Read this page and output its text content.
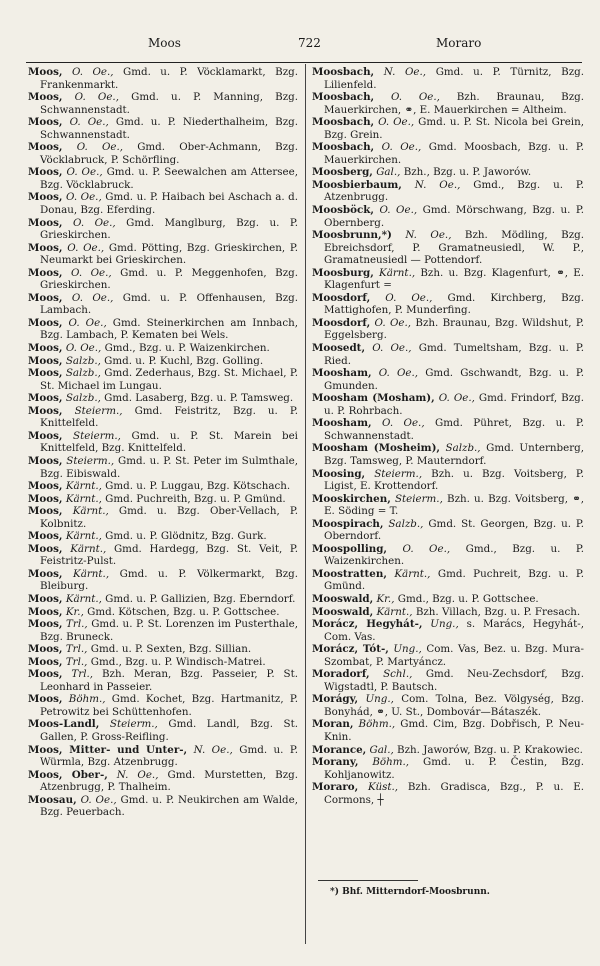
Moos	722	Moraro

Moos, O. Oe., Gmd. u. P. Vöcklamarkt, Bzg. Frankenmarkt.

Moos, O. Oe., Gmd. u. P. Manning, Bzg. Schwannenstadt.

Moos, O. Oe., Gmd. u. P. Niederthalheim, Bzg. Schwannenstadt.

Moos, O. Oe., Gmd. Ober-Achmann, Bzg. Vöcklabruck, P. Schörfling.

Moos, O. Oe., Gmd. u. P. Seewalchen am Attersee, Bzg. Vöcklabruck.

Moos, O. Oe., Gmd. u. P. Haibach bei Aschach a. d. Donau, Bzg. Eferding.

Moos, O. Oe., Gmd. Manglburg, Bzg. u. P. Grieskirchen.

Moos, O. Oe., Gmd. Pötting, Bzg. Grieskirchen, P. Neumarkt bei Grieskirchen.

Moos, O. Oe., Gmd. u. P. Meggenhofen, Bzg. Grieskirchen.

Moos, O. Oe., Gmd. u. P. Offenhausen, Bzg. Lambach.

Moos, O. Oe., Gmd. Steinerkirchen am Innbach, Bzg. Lambach, P. Kematen bei Wels.

Moos, O. Oe., Gmd., Bzg. u. P. Waizenkirchen.

Moos, Salzb., Gmd. u. P. Kuchl, Bzg. Golling.

Moos, Salzb., Gmd. Zederhaus, Bzg. St. Michael, P. St. Michael im Lungau.

Moos, Salzb., Gmd. Lasaberg, Bzg. u. P. Tamsweg.

Moos, Steierm., Gmd. Feistritz, Bzg. u. P. Knittelfeld.

Moos, Steierm., Gmd. u. P. St. Marein bei Knittelfeld, Bzg. Knittelfeld.

Moos, Steierm., Gmd. u. P. St. Peter im Sulmthale, Bzg. Eibiswald.

Moos, Kärnt., Gmd. u. P. Luggau, Bzg. Kötschach.

Moos, Kärnt., Gmd. Puchreith, Bzg. u. P. Gmünd.

Moos, Kärnt., Gmd. u. Bzg. Ober-Vellach, P. Kolbnitz.

Moos, Kärnt., Gmd. u. P. Glödnitz, Bzg. Gurk.

Moos, Kärnt., Gmd. Hardegg, Bzg. St. Veit, P. Feistritz-Pulst.

Moos, Kärnt., Gmd. u. P. Völkermarkt, Bzg. Bleiburg.

Moos, Kärnt., Gmd. u. P. Gallizien, Bzg. Eberndorf.

Moos, Kr., Gmd. Kötschen, Bzg. u. P. Gottschee.

Moos, Trl., Gmd. u. P. St. Lorenzen im Pusterthale, Bzg. Bruneck.

Moos, Trl., Gmd. u. P. Sexten, Bzg. Sillian.

Moos, Trl., Gmd., Bzg. u. P. Windisch-Matrei.

Moos, Trl., Bzh. Meran, Bzg. Passeier, P. St. Leonhard in Passeier.

Moos, Böhm., Gmd. Kochet, Bzg. Hartmanitz, P. Petrowitz bei Schüttenhofen.

Moos-Landl, Steierm., Gmd. Landl, Bzg. St. Gallen, P. Gross-Reifling.

Moos, Mitter- und Unter-, N. Oe., Gmd. u. P. Würmla, Bzg. Atzenbrugg.

Moos, Ober-, N. Oe., Gmd. Murstetten, Bzg. Atzenbrugg, P. Thalheim.

Moosau, O. Oe., Gmd. u. P. Neukirchen am Walde, Bzg. Peuerbach.

Moosbach, N. Oe., Gmd. u. P. Türnitz, Bzg. Lilienfeld.

Moosbach, O. Oe., Bzh. Braunau, Bzg. Mauerkirchen, ⚭, E. Mauerkirchen = Altheim.

Moosbach, O. Oe., Gmd. u. P. St. Nicola bei Grein, Bzg. Grein.

Moosbach, O. Oe., Gmd. Moosbach, Bzg. u. P. Mauerkirchen.

Moosberg, Gal., Bzh., Bzg. u. P. Jaworów.

Moosbierbaum, N. Oe., Gmd., Bzg. u. P. Atzenbrugg.

Moosböck, O. Oe., Gmd. Mörschwang, Bzg. u. P. Obernberg.

Moosbrunn,*) N. Oe., Bzh. Mödling, Bzg. Ebreichsdorf, P. Gramatneusiedl, W. P., Gramatneusiedl — Pottendorf.

Moosburg, Kärnt., Bzh. u. Bzg. Klagenfurt, ⚭, E. Klagenfurt =

Moosdorf, O. Oe., Gmd. Kirchberg, Bzg. Mattighofen, P. Munderfing.

Moosdorf, O. Oe., Bzh. Braunau, Bzg. Wildshut, P. Eggelsberg.

Moosedt, O. Oe., Gmd. Tumeltsham, Bzg. u. P. Ried.

Moosham, O. Oe., Gmd. Gschwandt, Bzg. u. P. Gmunden.

Moosham (Mosham), O. Oe., Gmd. Frindorf, Bzg. u. P. Rohrbach.

Moosham, O. Oe., Gmd. Pühret, Bzg. u. P. Schwannenstadt.

Moosham (Mosheim), Salzb., Gmd. Unternberg, Bzg. Tamsweg, P. Mauterndorf.

Moosing, Steierm., Bzh. u. Bzg. Voitsberg, P. Ligist, E. Krottendorf.

Mooskirchen, Steierm., Bzh. u. Bzg. Voitsberg, ⚭, E. Söding = T.

Moospirach, Salzb., Gmd. St. Georgen, Bzg. u. P. Oberndorf.

Moospolling, O. Oe., Gmd., Bzg. u. P. Waizenkirchen.

Moostratten, Kärnt., Gmd. Puchreit, Bzg. u. P. Gmünd.

Mooswald, Kr., Gmd., Bzg. u. P. Gottschee.

Mooswald, Kärnt., Bzh. Villach, Bzg. u. P. Fresach.

Morácz, Hegyhát-, Ung., s. Marács, Hegyhát-, Com. Vas.

Morácz, Tót-, Ung., Com. Vas, Bez. u. Bzg. Mura-Szombat, P. Martyáncz.

Moradorf, Schl., Gmd. Neu-Zechsdorf, Bzg. Wigstadtl, P. Bautsch.

Morágy, Ung., Com. Tolna, Bez. Völgység, Bzg. Bonyhád, ⚭, U. St., Dombovár—Bátaszék.

Moran, Böhm., Gmd. Cim, Bzg. Dobřisch, P. Neu-Knin.

Morance, Gal., Bzh. Jaworów, Bzg. u. P. Krakowiec.

Morany, Böhm., Gmd. u. P. Čestin, Bzg. Kohljanowitz.

Moraro, Küst., Bzh. Gradisca, Bzg., P. u. E. Cormons, ┼

*) Bhf. Mitterndorf-Moosbrunn.
